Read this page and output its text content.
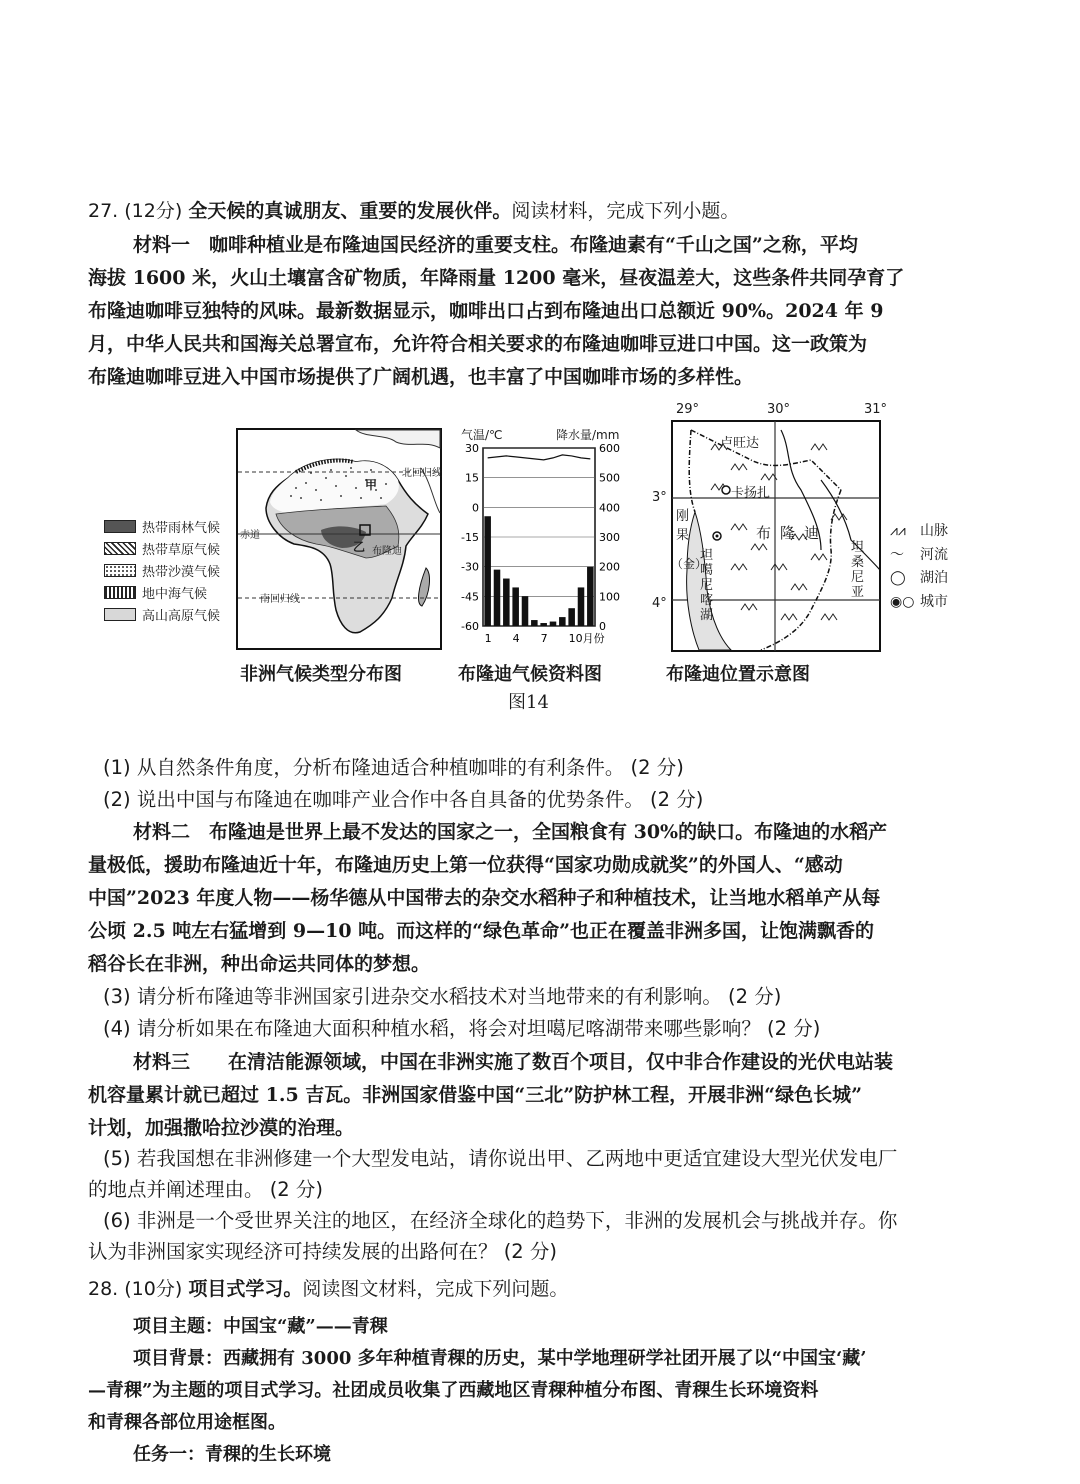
27. (12分) 全天候的真诚朋友、重要的发展伙伴。阅读材料，完成下列小题。
材料一　咖啡种植业是布隆迪国民经济的重要支柱。布隆迪素有“千山之国”之称，平均
海拔 1600 米，火山土壤富含矿物质，年降雨量 1200 毫米，昼夜温差大，这些条件共同孕育了
布隆迪咖啡豆独特的风味。最新数据显示，咖啡出口占到布隆迪出口总额近 90%。2024 年 9
月，中华人民共和国海关总署宣布，允许符合相关要求的布隆迪咖啡豆进口中国。这一政策为
布隆迪咖啡豆进入中国市场提供了广阔机遇，也丰富了中国咖啡市场的多样性。
热带雨林气候
热带草原气候
热带沙漠气候
地中海气候
高山高原气候
北回归线
赤道
南回归线
甲
乙 布隆迪
气温/℃	降水量/mm
30
15
0
-15
-30
-45
-60
600
500
400
300
200
100
0
1 4 7 10月份
29°	30°	31°
3°
4°
卢旺达
卡扬扎
布 隆 迪
刚
果
（金）
坦桑尼亚
坦噶尼喀湖
⩘⩘ 山脉
〜 河流
◯ 湖泊
◉○ 城市
非洲气候类型分布图	布隆迪气候资料图	布隆迪位置示意图
图14
(1) 从自然条件角度，分析布隆迪适合种植咖啡的有利条件。 (2 分)
(2) 说出中国与布隆迪在咖啡产业合作中各自具备的优势条件。 (2 分)
材料二　布隆迪是世界上最不发达的国家之一，全国粮食有 30%的缺口。布隆迪的水稻产
量极低，援助布隆迪近十年，布隆迪历史上第一位获得“国家功勋成就奖”的外国人、“感动
中国”2023 年度人物——杨华德从中国带去的杂交水稻种子和种植技术，让当地水稻单产从每
公顷 2.5 吨左右猛增到 9—10 吨。而这样的“绿色革命”也正在覆盖非洲多国，让饱满飘香的
稻谷长在非洲，种出命运共同体的梦想。
(3) 请分析布隆迪等非洲国家引进杂交水稻技术对当地带来的有利影响。 (2 分)
(4) 请分析如果在布隆迪大面积种植水稻，将会对坦噶尼喀湖带来哪些影响？ (2 分)
材料三　　在清洁能源领域，中国在非洲实施了数百个项目，仅中非合作建设的光伏电站装
机容量累计就已超过 1.5 吉瓦。非洲国家借鉴中国“三北”防护林工程，开展非洲“绿色长城”
计划，加强撒哈拉沙漠的治理。
(5) 若我国想在非洲修建一个大型发电站，请你说出甲、乙两地中更适宜建设大型光伏发电厂
的地点并阐述理由。 (2 分)
(6) 非洲是一个受世界关注的地区，在经济全球化的趋势下，非洲的发展机会与挑战并存。你
认为非洲国家实现经济可持续发展的出路何在？ (2 分)
28. (10分) 项目式学习。阅读图文材料，完成下列问题。
项目主题：中国宝“藏”——青稞
项目背景：西藏拥有 3000 多年种植青稞的历史，某中学地理研学社团开展了以“中国宝‘藏’
—青稞”为主题的项目式学习。社团成员收集了西藏地区青稞种植分布图、青稞生长环境资料
和青稞各部位用途框图。
任务一：青稞的生长环境
